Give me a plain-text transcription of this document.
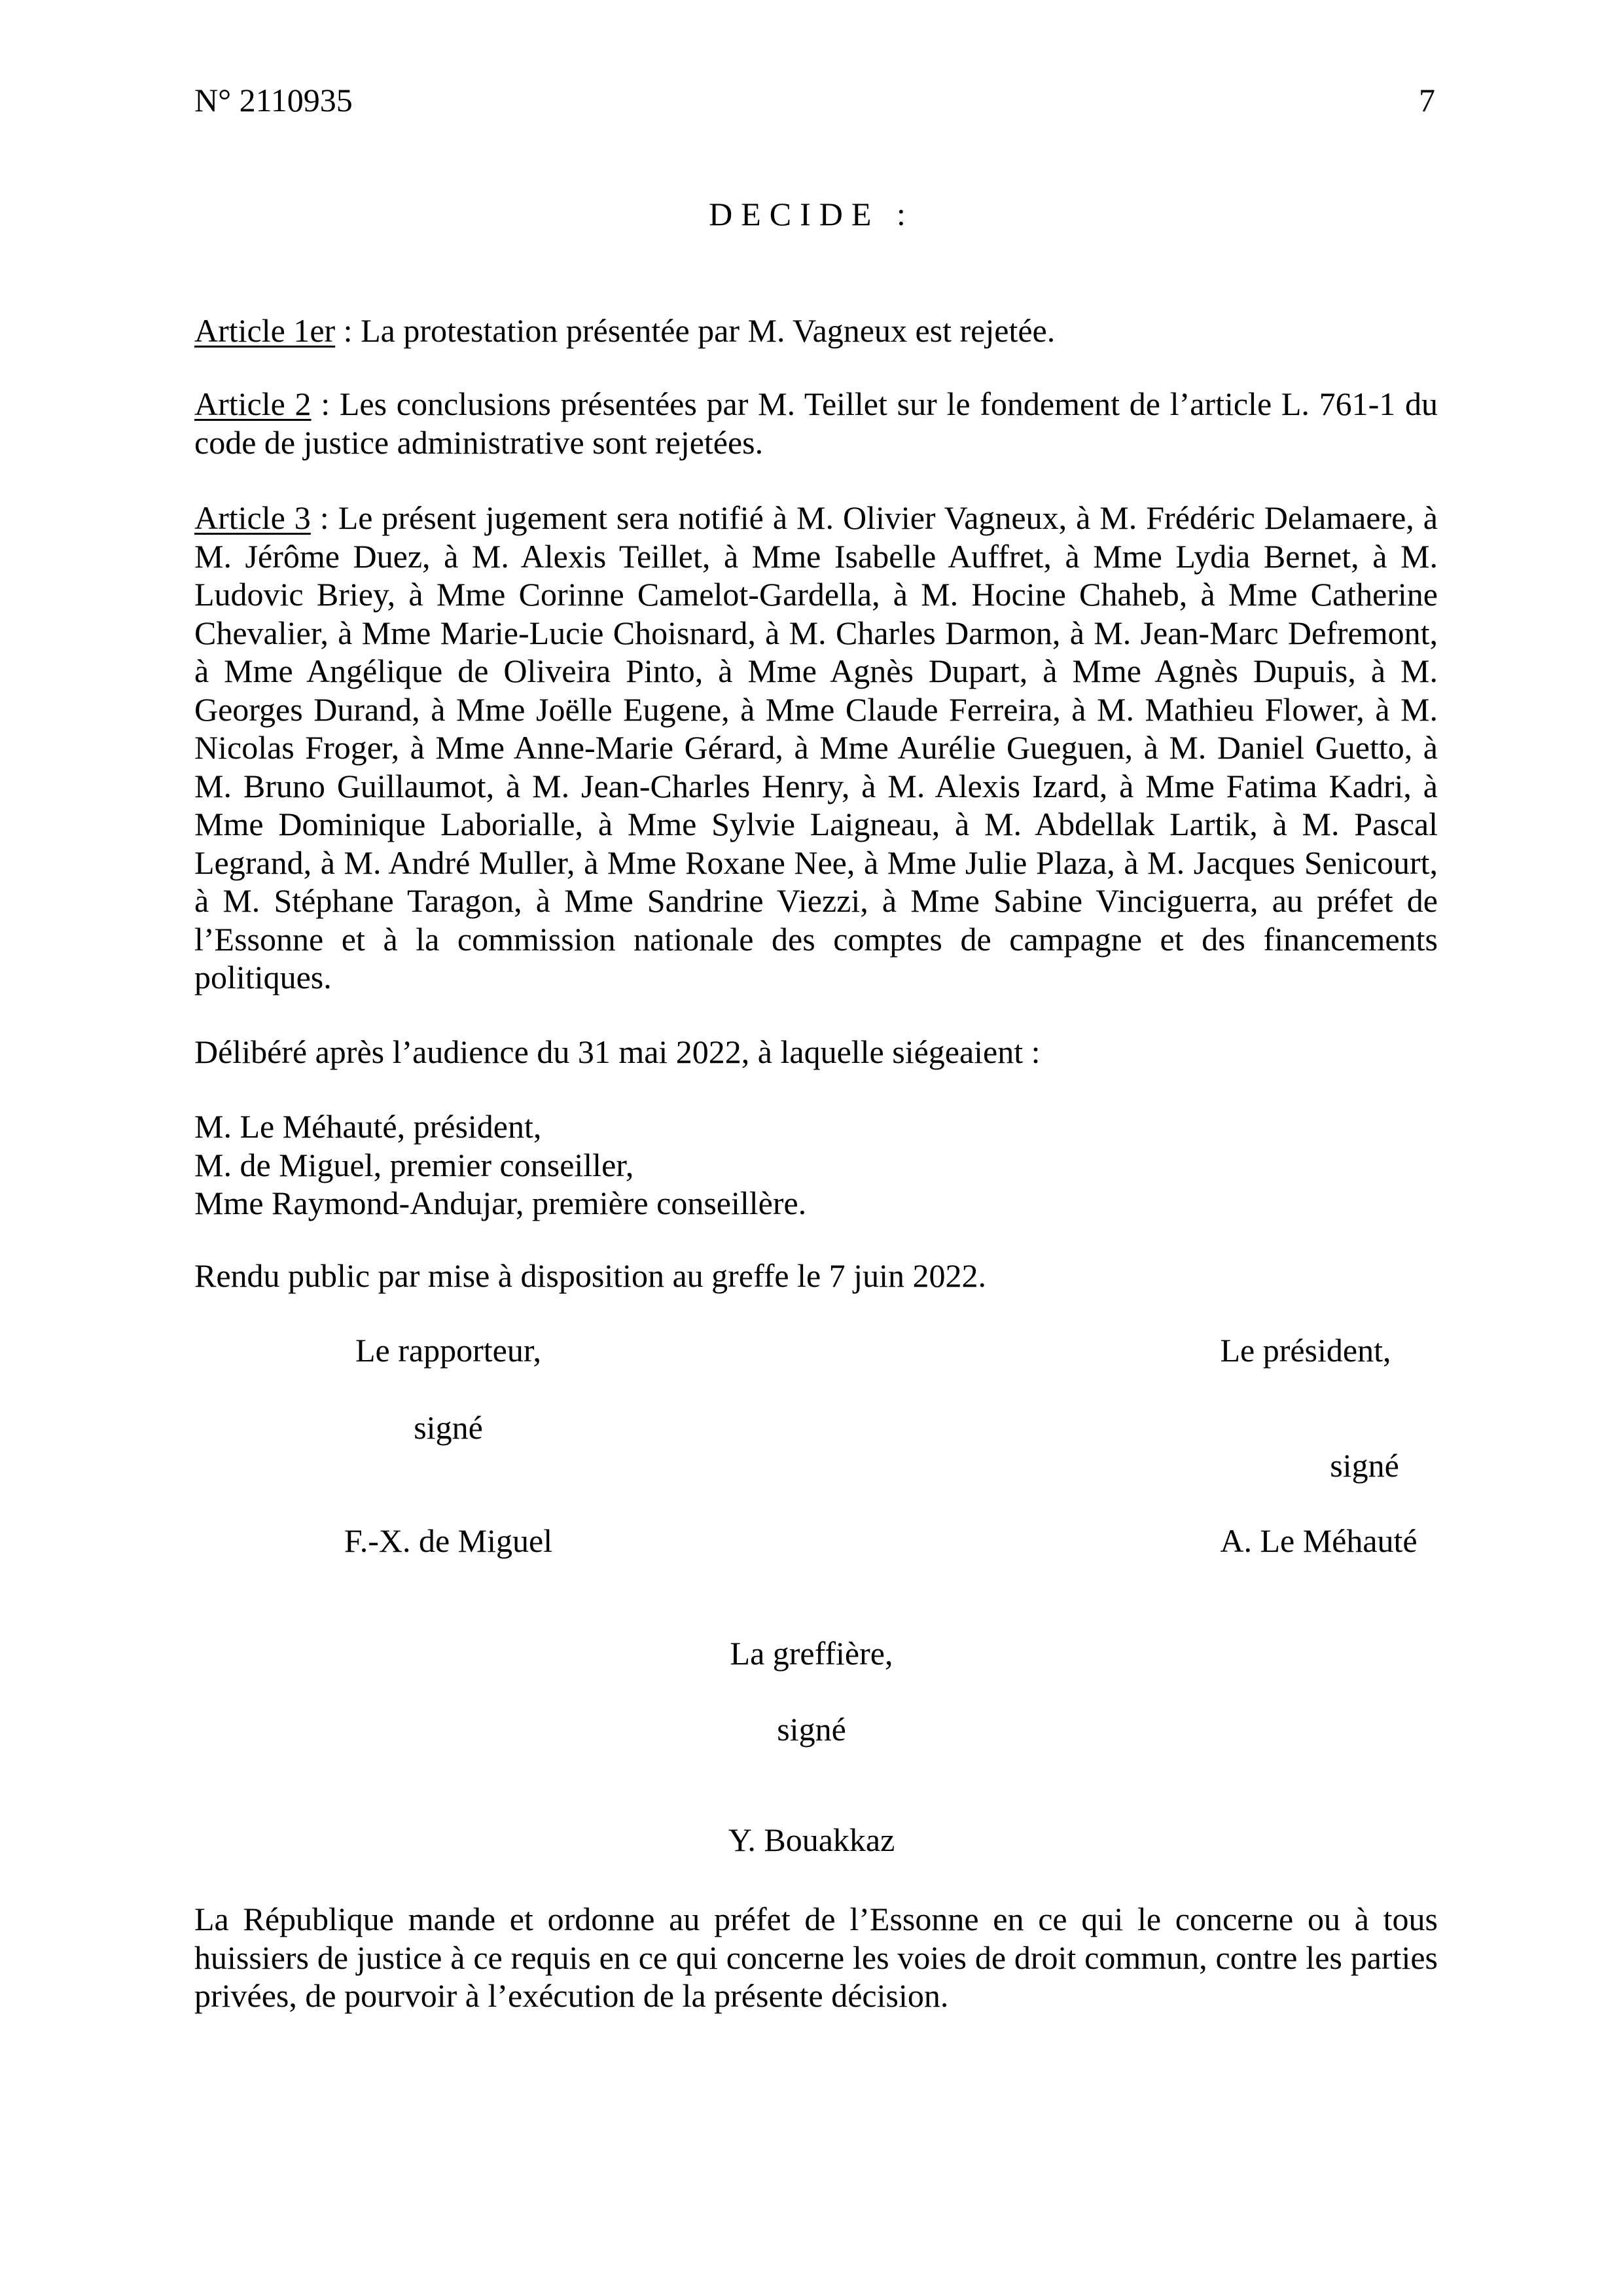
N° 2110935	7
DECIDE :

Article 1er : La protestation présentée par M. Vagneux est rejetée.

Article 2 : Les conclusions présentées par M. Teillet sur le fondement de l’article L. 761-1 du code de justice administrative sont rejetées.

Article 3 : Le présent jugement sera notifié à M. Olivier Vagneux, à M. Frédéric Delamaere, à M. Jérôme Duez, à M. Alexis Teillet, à Mme Isabelle Auffret, à Mme Lydia Bernet, à M. Ludovic Briey, à Mme Corinne Camelot-Gardella, à M. Hocine Chaheb, à Mme Catherine Chevalier, à Mme Marie-Lucie Choisnard, à M. Charles Darmon, à M. Jean-Marc Defremont, à Mme Angélique de Oliveira Pinto, à Mme Agnès Dupart, à Mme Agnès Dupuis, à M. Georges Durand, à Mme Joëlle Eugene, à Mme Claude Ferreira, à M. Mathieu Flower, à M. Nicolas Froger, à Mme Anne-Marie Gérard, à Mme Aurélie Gueguen, à M. Daniel Guetto, à M. Bruno Guillaumot, à M. Jean-Charles Henry, à M. Alexis Izard, à Mme Fatima Kadri, à Mme Dominique Laborialle, à Mme Sylvie Laigneau, à M. Abdellak Lartik, à M. Pascal Legrand, à M. André Muller, à Mme Roxane Nee, à Mme Julie Plaza, à M. Jacques Senicourt, à M. Stéphane Taragon, à Mme Sandrine Viezzi, à Mme Sabine Vinciguerra, au préfet de l’Essonne et à la commission nationale des comptes de campagne et des financements politiques.

Délibéré après l’audience du 31 mai 2022, à laquelle siégeaient :

M. Le Méhauté, président,

M. de Miguel, premier conseiller,

Mme Raymond-Andujar, première conseillère.

Rendu public par mise à disposition au greffe le 7 juin 2022.
Le rapporteur,
signé
F.-X. de Miguel
Le président,
signé
A. Le Méhauté
La greffière,
signé
Y. Bouakkaz
La République mande et ordonne au préfet de l’Essonne en ce qui le concerne ou à tous huissiers de justice à ce requis en ce qui concerne les voies de droit commun, contre les parties privées, de pourvoir à l’exécution de la présente décision.
